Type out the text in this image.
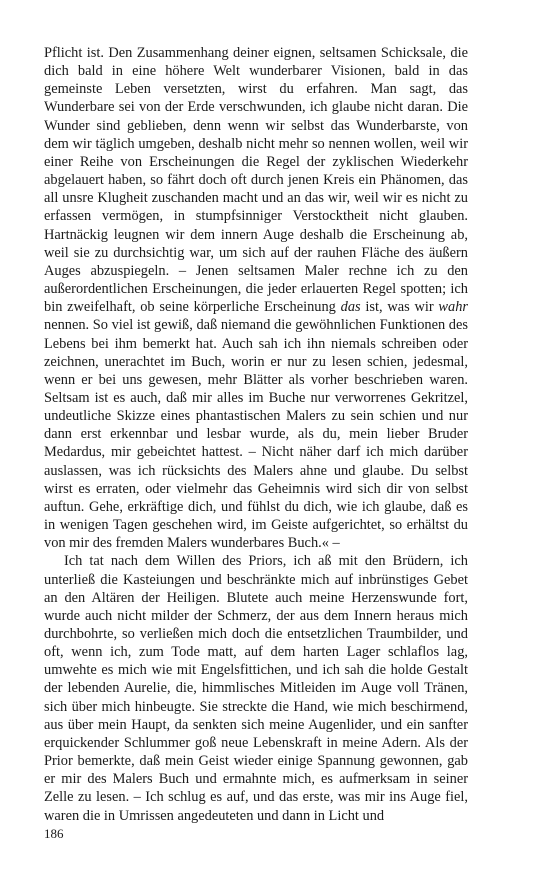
Pflicht ist. Den Zusammenhang deiner eignen, seltsamen Schicksale, die dich bald in eine höhere Welt wunderbarer Visionen, bald in das gemeinste Leben versetzten, wirst du erfahren. Man sagt, das Wunderbare sei von der Erde verschwunden, ich glaube nicht daran. Die Wunder sind geblieben, denn wenn wir selbst das Wunderbarste, von dem wir täglich umgeben, deshalb nicht mehr so nennen wollen, weil wir einer Reihe von Erscheinungen die Regel der zyklischen Wiederkehr abgelauert haben, so fährt doch oft durch jenen Kreis ein Phänomen, das all unsre Klugheit zuschanden macht und an das wir, weil wir es nicht zu erfassen vermögen, in stumpfsinniger Verstocktheit nicht glauben. Hartnäckig leugnen wir dem innern Auge deshalb die Erscheinung ab, weil sie zu durchsichtig war, um sich auf der rauhen Fläche des äußern Auges abzuspiegeln. – Jenen seltsamen Maler rechne ich zu den außerordentlichen Erscheinungen, die jeder erlauerten Regel spotten; ich bin zweifelhaft, ob seine körperliche Erscheinung das ist, was wir wahr nennen. So viel ist gewiß, daß niemand die gewöhnlichen Funktionen des Lebens bei ihm bemerkt hat. Auch sah ich ihn niemals schreiben oder zeichnen, unerachtet im Buch, worin er nur zu lesen schien, jedesmal, wenn er bei uns gewesen, mehr Blätter als vorher beschrieben waren. Seltsam ist es auch, daß mir alles im Buche nur verworrenes Gekritzel, undeutliche Skizze eines phantastischen Malers zu sein schien und nur dann erst erkennbar und lesbar wurde, als du, mein lieber Bruder Medardus, mir gebeichtet hattest. – Nicht näher darf ich mich darüber auslassen, was ich rücksichts des Malers ahne und glaube. Du selbst wirst es erraten, oder vielmehr das Geheimnis wird sich dir von selbst auftun. Gehe, erkräftige dich, und fühlst du dich, wie ich glaube, daß es in wenigen Tagen geschehen wird, im Geiste aufgerichtet, so erhältst du von mir des fremden Malers wunderbares Buch.« –

Ich tat nach dem Willen des Priors, ich aß mit den Brüdern, ich unterließ die Kasteiungen und beschränkte mich auf inbrünstiges Gebet an den Altären der Heiligen. Blutete auch meine Herzenswunde fort, wurde auch nicht milder der Schmerz, der aus dem Innern heraus mich durchbohrte, so verließen mich doch die entsetzlichen Traumbilder, und oft, wenn ich, zum Tode matt, auf dem harten Lager schlaflos lag, umwehte es mich wie mit Engelsfittichen, und ich sah die holde Gestalt der lebenden Aurelie, die, himmlisches Mitleiden im Auge voll Tränen, sich über mich hinbeugte. Sie streckte die Hand, wie mich beschirmend, aus über mein Haupt, da senkten sich meine Augenlider, und ein sanfter erquickender Schlummer goß neue Lebenskraft in meine Adern. Als der Prior bemerkte, daß mein Geist wieder einige Spannung gewonnen, gab er mir des Malers Buch und ermahnte mich, es aufmerksam in seiner Zelle zu lesen. – Ich schlug es auf, und das erste, was mir ins Auge fiel, waren die in Umrissen angedeuteten und dann in Licht und

186
